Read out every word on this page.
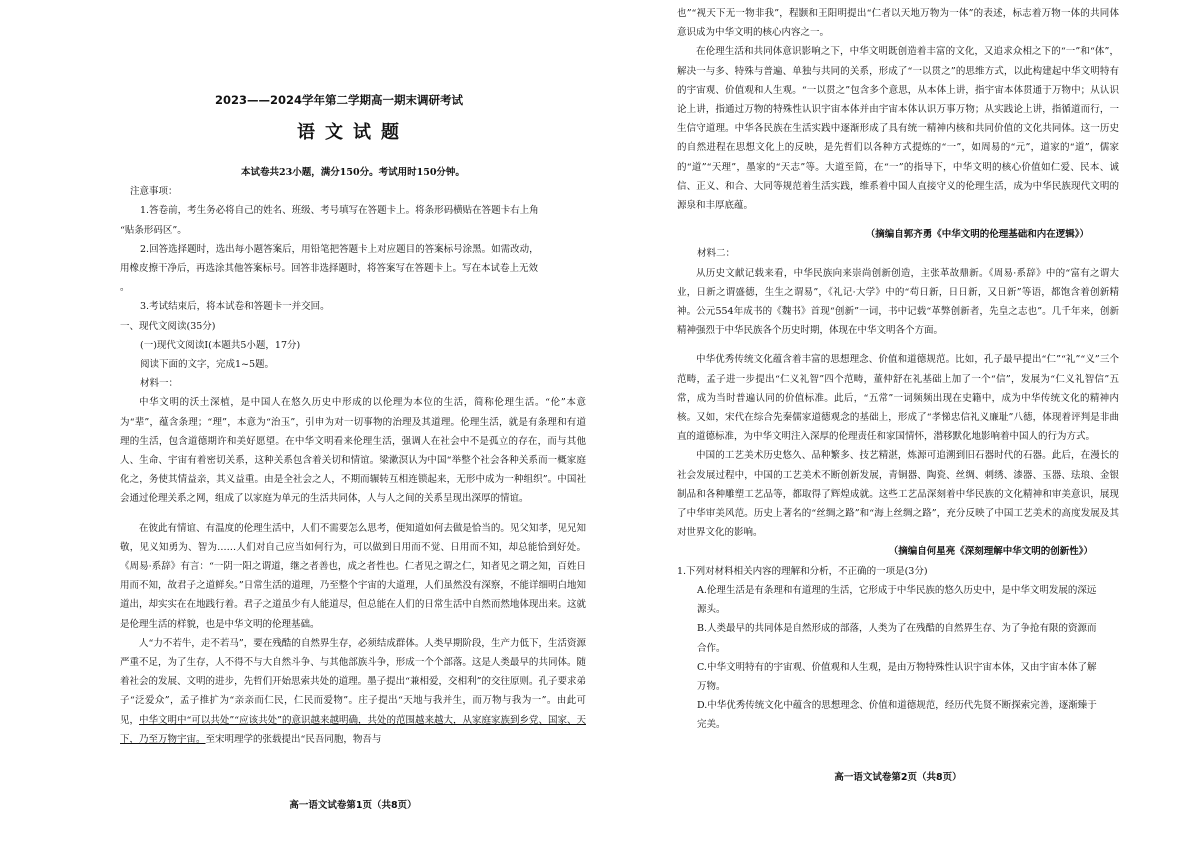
2023——2024学年第二学期高一期末调研考试
语文试题

本试卷共23小题，满分150分。考试用时150分钟。

注意事项：

1.答卷前，考生务必将自己的姓名、班级、考号填写在答题卡上。将条形码横贴在答题卡右上角

“贴条形码区”。

2.回答选择题时，选出每小题答案后，用铅笔把答题卡上对应题目的答案标号涂黑。如需改动，

用橡皮擦干净后，再选涂其他答案标号。回答非选择题时，将答案写在答题卡上。写在本试卷上无效

。

3.考试结束后，将本试卷和答题卡一并交回。

一、现代文阅读(35分)

(一)现代文阅读Ⅰ(本题共5小题，17分)

阅读下面的文字，完成1~5题。

材料一：

中华文明的沃土深植，是中国人在悠久历史中形成的以伦理为本位的生活，简称伦理生活。“伦”本意为“辈”，蕴含条理；“理”，本意为“治玉”，引申为对一切事物的治理及其道理。伦理生活，就是有条理和有道理的生活，包含道德期许和美好愿望。在中华文明看来伦理生活，强调人在社会中不是孤立的存在，而与其他人、生命、宇宙有着密切关系，这种关系包含着关切和情谊。梁漱溟认为中国“举整个社会各种关系而一概家庭化之，务使其情益亲，其义益重。由是全社会之人，不期而辗转互相连锁起来，无形中成为一种组织”。中国社会通过伦理关系之网，组成了以家庭为单元的生活共同体，人与人之间的关系呈现出深厚的情谊。

在彼此有情谊、有温度的伦理生活中，人们不需要怎么思考，便知道如何去做是恰当的。见父知孝，见兄知敬，见义知勇为、智为……人们对自己应当如何行为，可以做到日用而不觉、日用而不知，却总能恰到好处。《周易·系辞》有言：“一阴一阳之谓道，继之者善也，成之者性也。仁者见之谓之仁，知者见之谓之知，百姓日用而不知，故君子之道鲜矣。”日常生活的道理，乃至整个宇宙的大道理，人们虽然没有深察，不能详细明白地知道出，却实实在在地践行着。君子之道虽少有人能道尽，但总能在人们的日常生活中自然而然地体现出来。这就是伦理生活的样貌，也是中华文明的伦理基础。

人“力不若牛，走不若马”，要在残酷的自然界生存，必须结成群体。人类早期阶段，生产力低下，生活资源严重不足，为了生存，人不得不与大自然斗争、与其他部族斗争，形成一个个部落。这是人类最早的共同体。随着社会的发展、文明的进步，先哲们开始思索共处的道理。墨子提出“兼相爱，交相利”的交往原则。孔子要求弟子“泛爱众”，孟子推扩为“亲亲而仁民，仁民而爱物”。庄子提出“天地与我并生，而万物与我为一”。由此可见，中华文明中“可以共处”“应该共处”的意识越来越明确，共处的范围越来越大，从家庭家族到乡党、国家、天下，乃至万物宇宙。至宋明理学的张载提出“民吾同胞，物吾与

高一语文试卷第1页（共8页）

也”“视天下无一物非我”，程颢和王阳明提出“仁者以天地万物为一体”的表述，标志着万物一体的共同体意识成为中华文明的核心内容之一。

在伦理生活和共同体意识影响之下，中华文明既创造着丰富的文化，又追求众相之下的“一”和“体”，解决一与多、特殊与普遍、单独与共同的关系，形成了“一以贯之”的思维方式，以此构建起中华文明特有的宇宙观、价值观和人生观。“一以贯之”包含多个意思，从本体上讲，指宇宙本体贯通于万物中；从认识论上讲，指通过万物的特殊性认识宇宙本体并由宇宙本体认识万事万物；从实践论上讲，指循道而行，一生信守道理。中华各民族在生活实践中逐渐形成了具有统一精神内核和共同价值的文化共同体。这一历史的自然进程在思想文化上的反映，是先哲们以各种方式提炼的“一”，如周易的“元”，道家的“道”，儒家的“道”“天理”，墨家的“天志”等。大道至简，在“一”的指导下，中华文明的核心价值如仁爱、民本、诚信、正义、和合、大同等规范着生活实践，维系着中国人直接守义的伦理生活，成为中华民族现代文明的源泉和丰厚底蕴。

（摘编自郭齐勇《中华文明的伦理基础和内在逻辑》）

材料二：

从历史文献记载来看，中华民族向来崇尚创新创造，主张革故鼎新。《周易·系辞》中的“富有之谓大业，日新之谓盛德，生生之谓易”，《礼记·大学》中的“苟日新，日日新，又日新”等语，都饱含着创新精神。公元554年成书的《魏书》首现“创新”一词，书中记载“革弊创新者，先皇之志也”。几千年来，创新精神强烈于中华民族各个历史时期，体现在中华文明各个方面。

中华优秀传统文化蕴含着丰富的思想理念、价值和道德规范。比如，孔子最早提出“仁”“礼”“义”三个范畴，孟子进一步提出“仁义礼智”四个范畴，董仲舒在礼基础上加了一个“信”，发展为“仁义礼智信”五常，成为当时普遍认同的价值标准。此后，“五常”一词频频出现在史籍中，成为中华传统文化的精神内核。又如，宋代在综合先秦儒家道德观念的基础上，形成了“孝悌忠信礼义廉耻”八德，体现着评判是非曲直的道德标准，为中华文明注入深厚的伦理责任和家国情怀，潜移默化地影响着中国人的行为方式。

中国的工艺美术历史悠久、品种繁多、技艺精湛，炼源可追溯到旧石器时代的石器。此后，在漫长的社会发展过程中，中国的工艺美术不断创新发展，青铜器、陶瓷、丝绸、刺绣、漆器、玉器、珐琅、金银制品和各种雕塑工艺品等，都取得了辉煌成就。这些工艺品深刻着中华民族的文化精神和审美意识，展现了中华审美风范。历史上著名的“丝绸之路”和“海上丝绸之路”，充分反映了中国工艺美术的高度发展及其对世界文化的影响。

（摘编自何星亮《深刻理解中华文明的创新性》）

1.下列对材料相关内容的理解和分析，不正确的一项是(3分)

A.伦理生活是有条理和有道理的生活，它形成于中华民族的悠久历史中，是中华文明发展的深远

源头。

B.人类最早的共同体是自然形成的部落，人类为了在残酷的自然界生存、为了争抢有限的资源而

合作。

C.中华文明特有的宇宙观、价值观和人生观，是由万物特殊性认识宇宙本体，又由宇宙本体了解

万物。

D.中华优秀传统文化中蕴含的思想理念、价值和道德规范，经历代先贤不断探索完善，逐渐臻于

完美。

高一语文试卷第2页（共8页）
